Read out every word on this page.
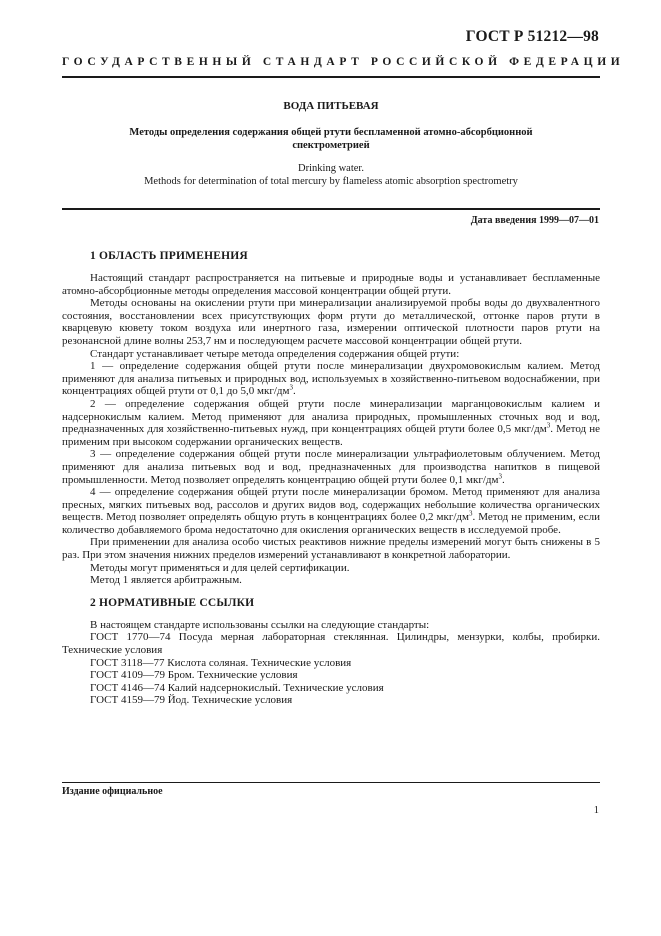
ГОСТ Р 51212—98
ГОСУДАРСТВЕННЫЙ СТАНДАРТ РОССИЙСКОЙ ФЕДЕРАЦИИ
ВОДА ПИТЬЕВАЯ
Методы определения содержания общей ртути беспламенной атомно-абсорбционной спектрометрией
Drinking water.
Methods for determination of total mercury by flameless atomic absorption spectrometry
Дата введения 1999—07—01
1 ОБЛАСТЬ ПРИМЕНЕНИЯ

Настоящий стандарт распространяется на питьевые и природные воды и устанавливает беспламенные атомно-абсорбционные методы определения массовой концентрации общей ртути.

Методы основаны на окислении ртути при минерализации анализируемой пробы воды до двухвалентного состояния, восстановлении всех присутствующих форм ртути до металлической, оттонке паров ртути в кварцевую кювету током воздуха или инертного газа, измерении оптической плотности паров ртути на резонансной длине волны 253,7 нм и последующем расчете массовой концентрации общей ртути.

Стандарт устанавливает четыре метода определения содержания общей ртути:

1 — определение содержания общей ртути после минерализации двухромовокислым калием. Метод применяют для анализа питьевых и природных вод, используемых в хозяйственно-питьевом водоснабжении, при концентрациях общей ртути от 0,1 до 5,0 мкг/$дм^3$.

2 — определение содержания общей ртути после минерализации марганцовокислым калием и надсернокислым калием. Метод применяют для анализа природных, промышленных сточных вод и вод, предназначенных для хозяйственно-питьевых нужд, при концентрациях общей ртути более 0,5 мкг/$дм^3$. Метод не применим при высоком содержании органических веществ.

3 — определение содержания общей ртути после минерализации ультрафиолетовым облучением. Метод применяют для анализа питьевых вод и вод, предназначенных для производства напитков в пищевой промышленности. Метод позволяет определять концентрацию общей ртути более 0,1 мкг/$дм^3$.

4 — определение содержания общей ртути после минерализации бромом. Метод применяют для анализа пресных, мягких питьевых вод, рассолов и других видов вод, содержащих небольшие количества органических веществ. Метод позволяет определять общую ртуть в концентрациях более 0,2 мкг/$дм^3$. Метод не применим, если количество добавляемого брома недостаточно для окисления органических веществ в исследуемой пробе.

При применении для анализа особо чистых реактивов нижние пределы измерений могут быть снижены в 5 раз. При этом значения нижних пределов измерений устанавливают в конкретной лаборатории.

Методы могут применяться и для целей сертификации.

Метод 1 является арбитражным.

2 НОРМАТИВНЫЕ ССЫЛКИ

В настоящем стандарте использованы ссылки на следующие стандарты:

ГОСТ 1770—74 Посуда мерная лабораторная стеклянная. Цилиндры, мензурки, колбы, пробирки. Технические условия

ГОСТ 3118—77 Кислота соляная. Технические условия

ГОСТ 4109—79 Бром. Технические условия

ГОСТ 4146—74 Калий надсернокислый. Технические условия

ГОСТ 4159—79 Йод. Технические условия

Издание официальное
1
